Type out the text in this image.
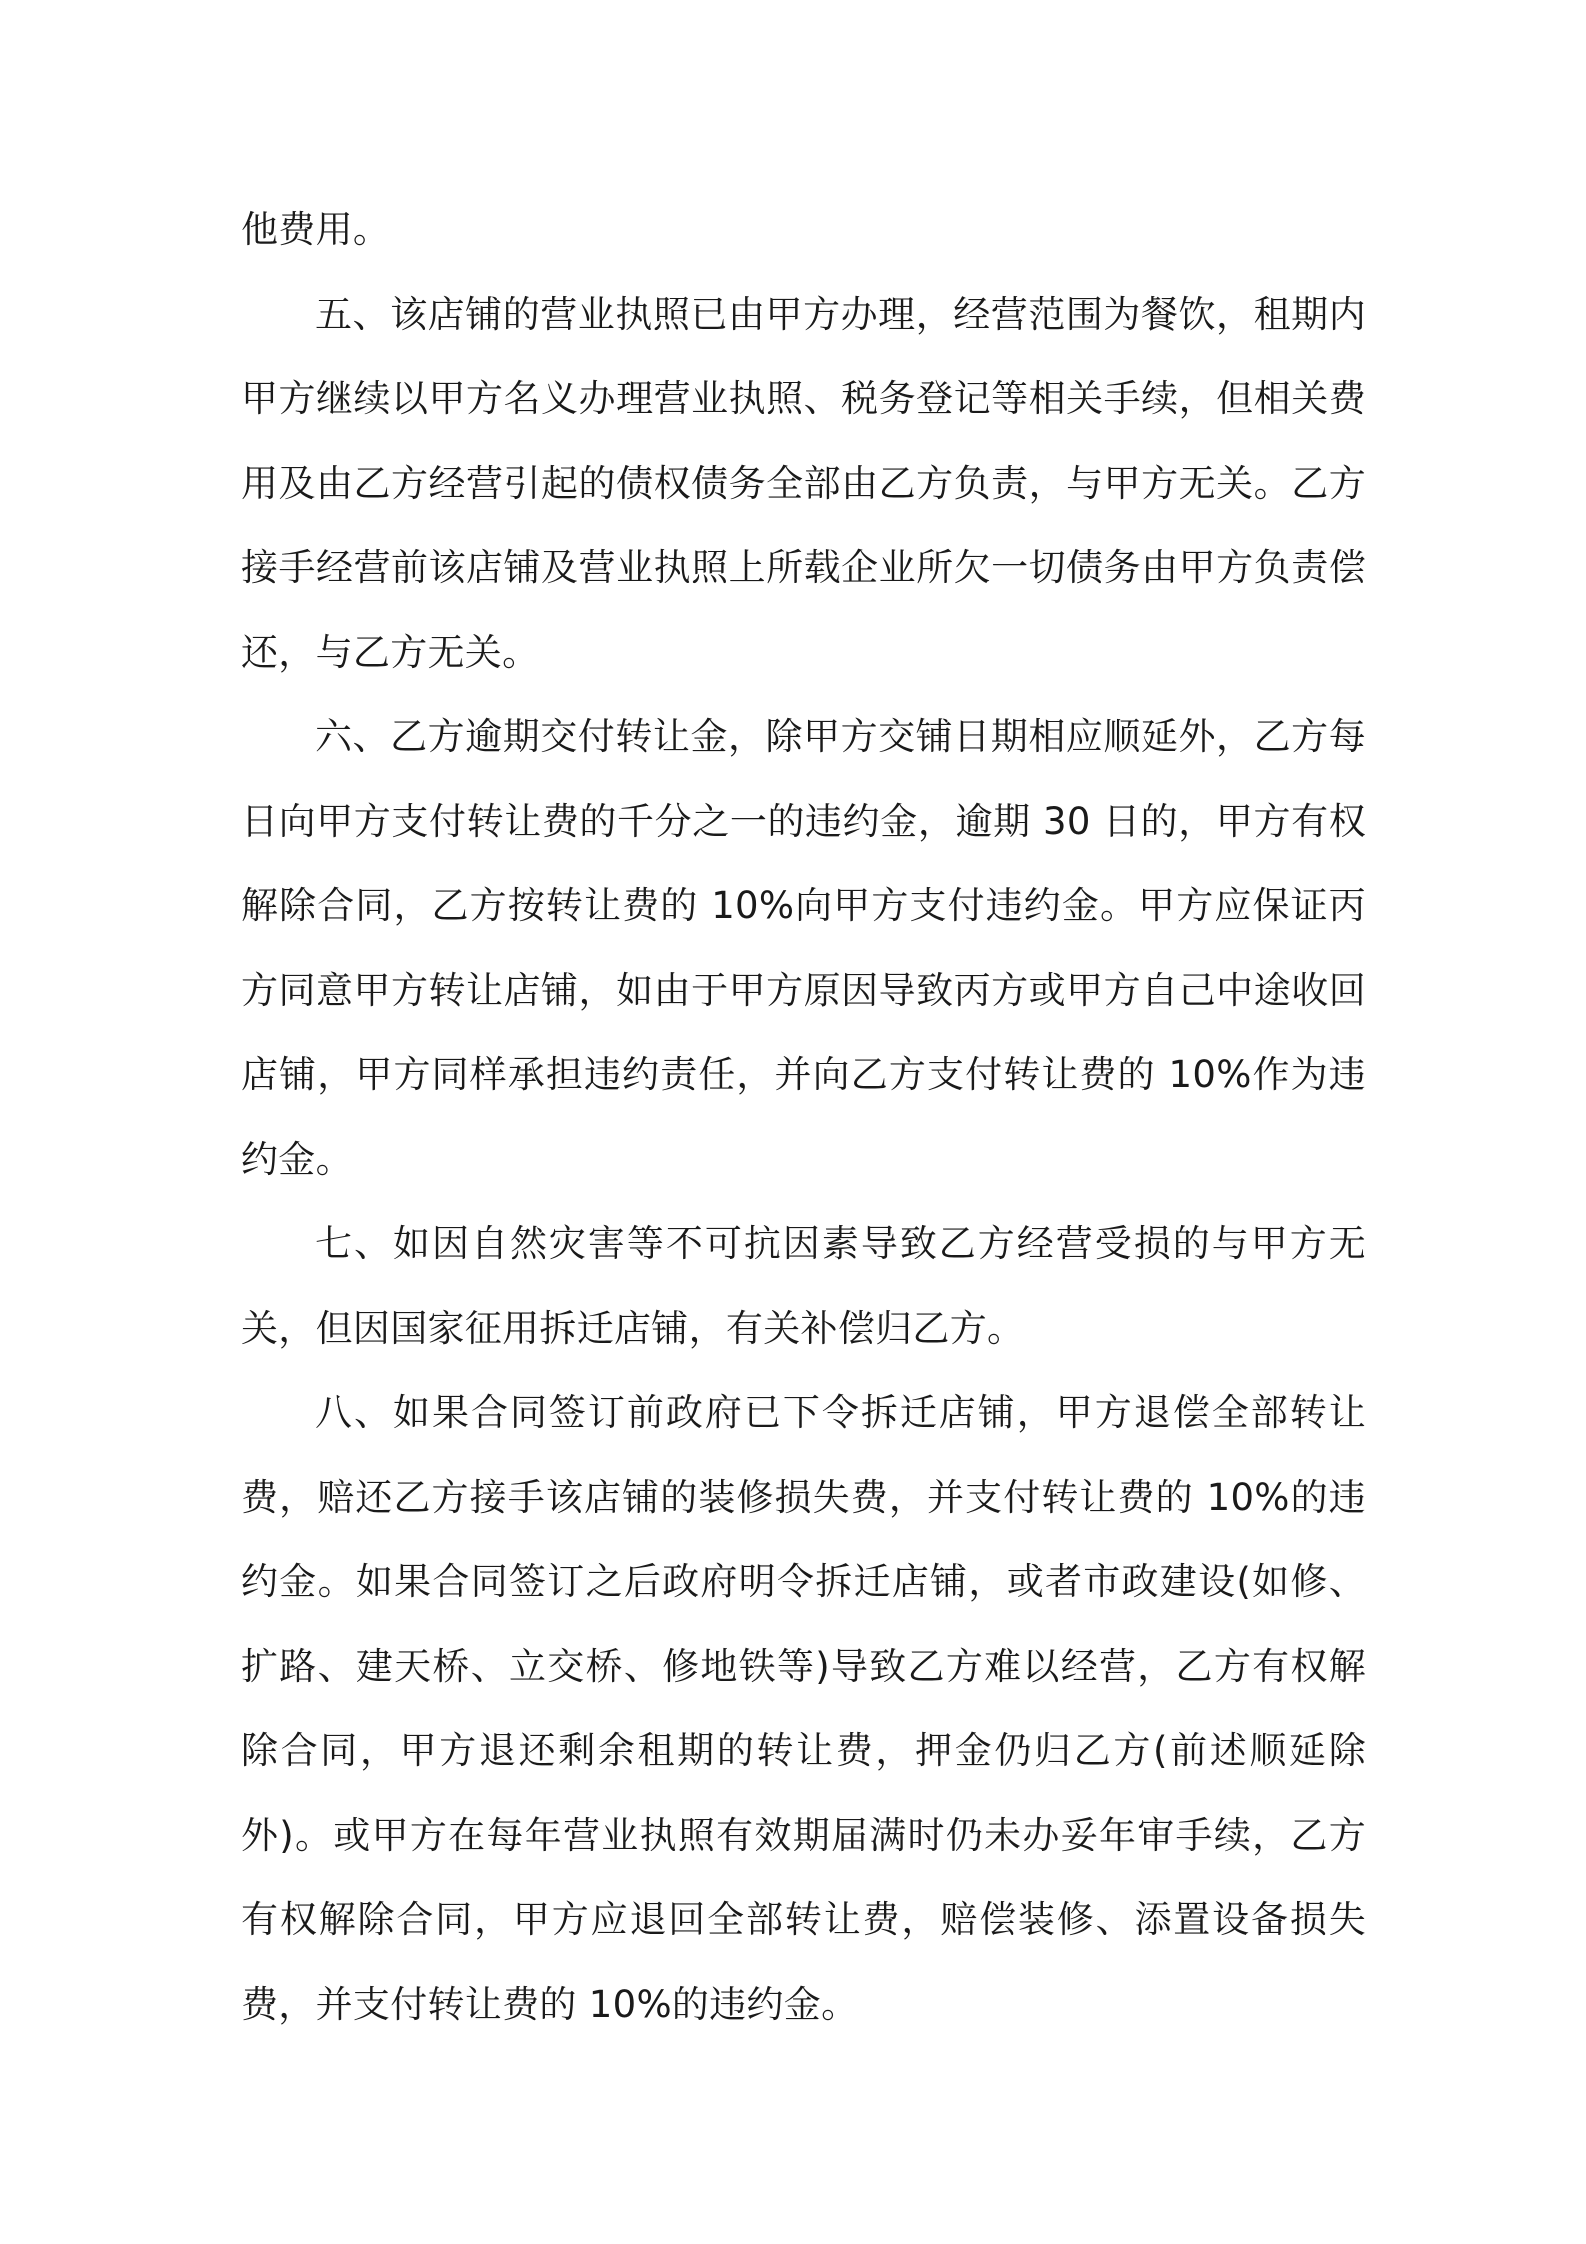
他费用。

五、该店铺的营业执照已由甲方办理，经营范围为餐饮，租期内甲方继续以甲方名义办理营业执照、税务登记等相关手续，但相关费用及由乙方经营引起的债权债务全部由乙方负责，与甲方无关。乙方接手经营前该店铺及营业执照上所载企业所欠一切债务由甲方负责偿还，与乙方无关。

六、乙方逾期交付转让金，除甲方交铺日期相应顺延外，乙方每日向甲方支付转让费的千分之一的违约金，逾期 30 日的，甲方有权解除合同，乙方按转让费的 10%向甲方支付违约金。甲方应保证丙方同意甲方转让店铺，如由于甲方原因导致丙方或甲方自己中途收回店铺，甲方同样承担违约责任，并向乙方支付转让费的 10%作为违约金。

七、如因自然灾害等不可抗因素导致乙方经营受损的与甲方无关，但因国家征用拆迁店铺，有关补偿归乙方。

八、如果合同签订前政府已下令拆迁店铺，甲方退偿全部转让费，赔还乙方接手该店铺的装修损失费，并支付转让费的 10%的违约金。如果合同签订之后政府明令拆迁店铺，或者市政建设(如修、扩路、建天桥、立交桥、修地铁等)导致乙方难以经营，乙方有权解除合同，甲方退还剩余租期的转让费，押金仍归乙方(前述顺延除外)。或甲方在每年营业执照有效期届满时仍未办妥年审手续，乙方有权解除合同，甲方应退回全部转让费，赔偿装修、添置设备损失费，并支付转让费的 10%的违约金。
